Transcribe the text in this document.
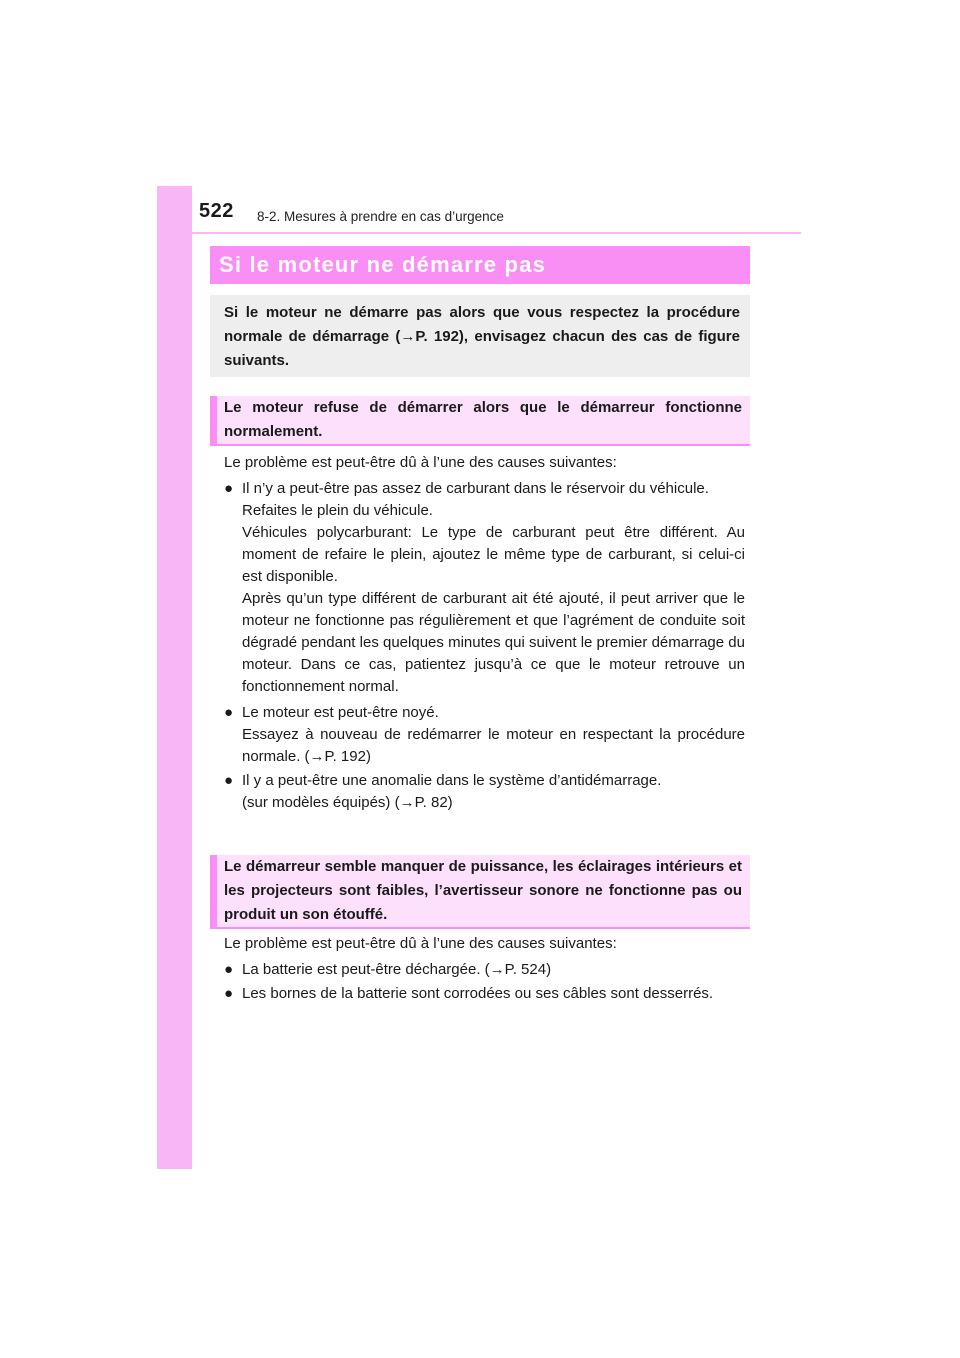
522 8-2. Mesures à prendre en cas d’urgence
Si le moteur ne démarre pas
Si le moteur ne démarre pas alors que vous respectez la procédure normale de démarrage (→P. 192), envisagez chacun des cas de figure suivants.
Le moteur refuse de démarrer alors que le démarreur fonctionne normalement.

Le problème est peut-être dû à l’une des causes suivantes:

● Il n’y a peut-être pas assez de carburant dans le réservoir du véhicule.

Refaites le plein du véhicule.

Véhicules polycarburant: Le type de carburant peut être différent. Au moment de refaire le plein, ajoutez le même type de carburant, si celui-ci est disponible.

Après qu’un type différent de carburant ait été ajouté, il peut arriver que le moteur ne fonctionne pas régulièrement et que l’agrément de conduite soit dégradé pendant les quelques minutes qui suivent le premier démarrage du moteur. Dans ce cas, patientez jusqu’à ce que le moteur retrouve un fonctionnement normal.

● Le moteur est peut-être noyé.

Essayez à nouveau de redémarrer le moteur en respectant la procédure normale. (→P. 192)

● Il y a peut-être une anomalie dans le système d’antidémarrage.

(sur modèles équipés) (→P. 82)

Le démarreur semble manquer de puissance, les éclairages intérieurs et les projecteurs sont faibles, l’avertisseur sonore ne fonctionne pas ou produit un son étouffé.

Le problème est peut-être dû à l’une des causes suivantes:

● La batterie est peut-être déchargée. (→P. 524)

● Les bornes de la batterie sont corrodées ou ses câbles sont desserrés.
